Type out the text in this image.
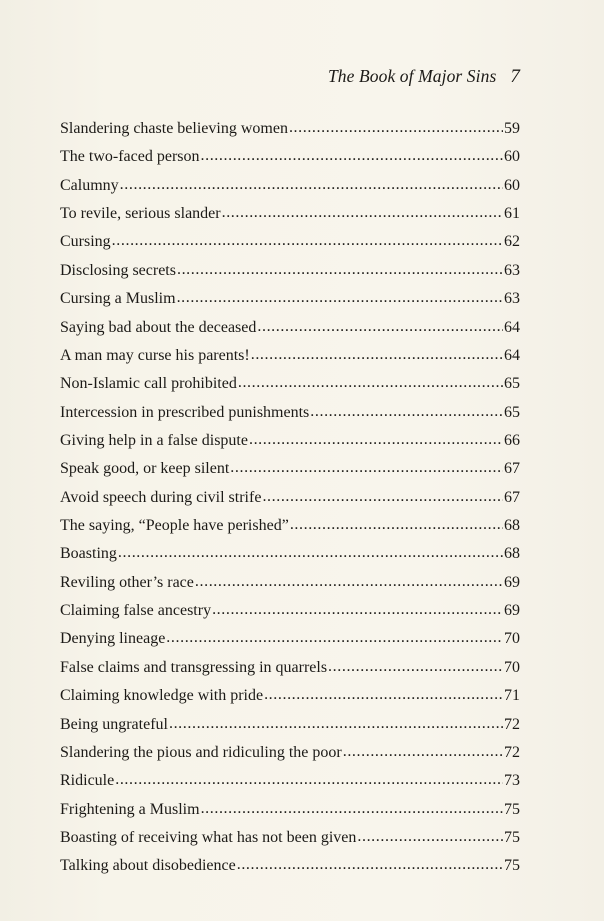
The Book of Major Sins 7
Slandering chaste believing women .....	59
The two-faced person .....	60
Calumny .....	60
To revile, serious slander .....	61
Cursing .....	62
Disclosing secrets .....	63
Cursing a Muslim .....	63
Saying bad about the deceased .....	64
A man may curse his parents! .....	64
Non-Islamic call prohibited .....	65
Intercession in prescribed punishments .....	65
Giving help in a false dispute .....	66
Speak good, or keep silent .....	67
Avoid speech during civil strife .....	67
The saying, “People have perished” .....	68
Boasting .....	68
Reviling other’s race .....	69
Claiming false ancestry .....	69
Denying lineage .....	70
False claims and transgressing in quarrels .....	70
Claiming knowledge with pride .....	71
Being ungrateful .....	72
Slandering the pious and ridiculing the poor .....	72
Ridicule .....	73
Frightening a Muslim .....	75
Boasting of receiving what has not been given .....	75
Talking about disobedience .....	75
